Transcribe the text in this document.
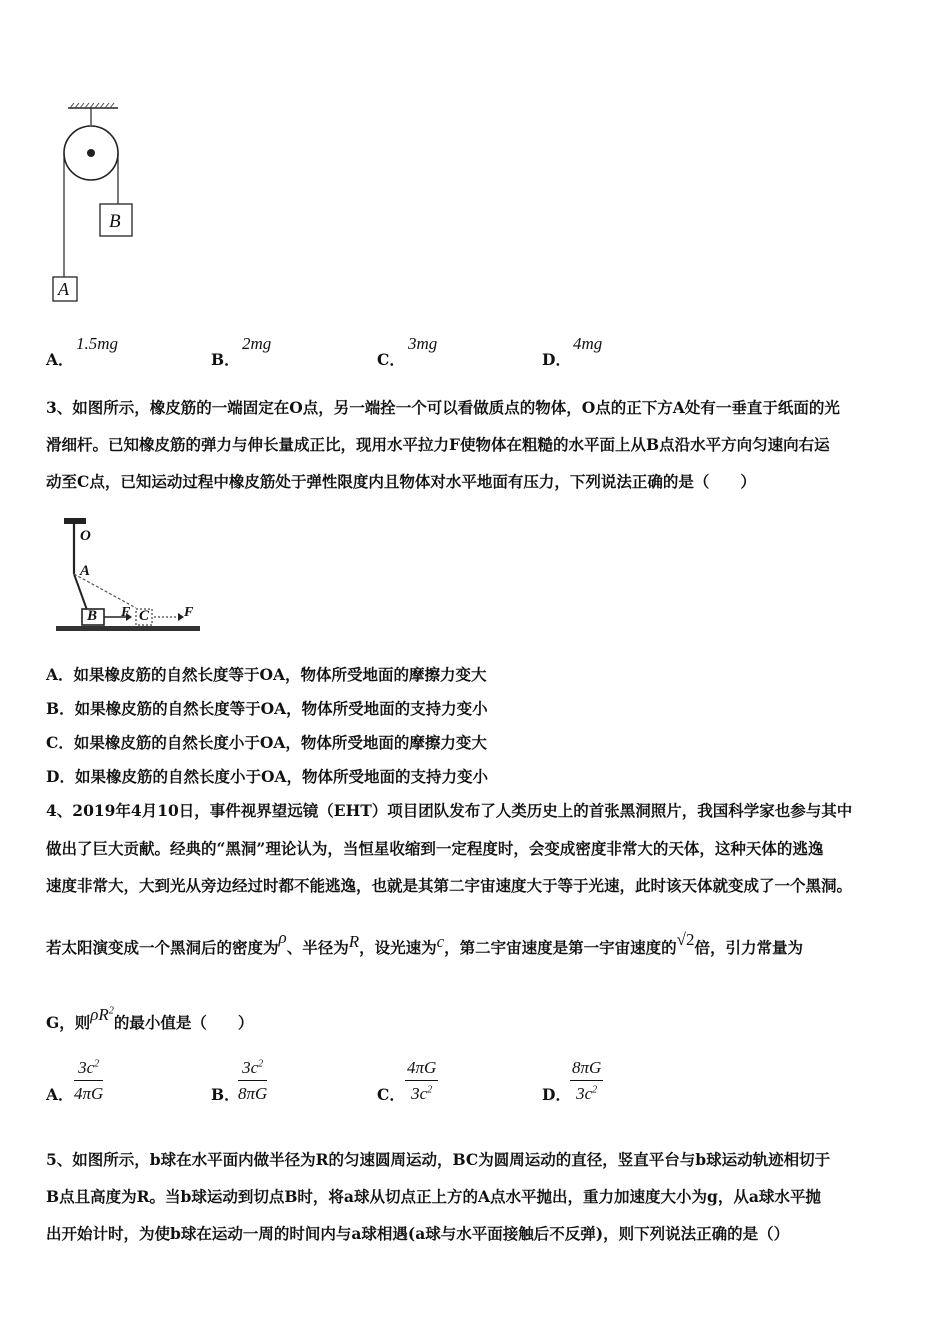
B
A
A．
1.5mg
B．
2mg
C．
3mg
D．
4mg
3、如图所示，橡皮筋的一端固定在O点，另一端拴一个可以看做质点的物体，O点的正下方A处有一垂直于纸面的光
滑细杆。已知橡皮筋的弹力与伸长量成正比，现用水平拉力F使物体在粗糙的水平面上从B点沿水平方向匀速向右运
动至C点，已知运动过程中橡皮筋处于弹性限度内且物体对水平地面有压力，下列说法正确的是（　　）
O
A
B F C F
A．如果橡皮筋的自然长度等于OA，物体所受地面的摩擦力变大
B．如果橡皮筋的自然长度等于OA，物体所受地面的支持力变小
C．如果橡皮筋的自然长度小于OA，物体所受地面的摩擦力变大
D．如果橡皮筋的自然长度小于OA，物体所受地面的支持力变小
4、2019年4月10日，事件视界望远镜（EHT）项目团队发布了人类历史上的首张黑洞照片，我国科学家也参与其中
做出了巨大贡献。经典的“黑洞”理论认为，当恒星收缩到一定程度时，会变成密度非常大的天体，这种天体的逃逸
速度非常大，大到光从旁边经过时都不能逃逸，也就是其第二宇宙速度大于等于光速，此时该天体就变成了一个黑洞。
若太阳演变成一个黑洞后的密度为ρ、半径为R，设光速为c，第二宇宙速度是第一宇宙速度的√2倍，引力常量为
G，则$\rho R^2$的最小值是（　　）
A． $\frac{3c^2}{4\pi G}$	B．
$\frac{3c^2}{8\pi G}$	C． $\frac{4\pi G}{3c^2}$	D． $\frac{8\pi G}{3c^2}$
5、如图所示，b球在水平面内做半径为R的匀速圆周运动，BC为圆周运动的直径，竖直平台与b球运动轨迹相切于
B点且高度为R。当b球运动到切点B时，将a球从切点正上方的A点水平抛出，重力加速度大小为g，从a球水平抛
出开始计时，为使b球在运动一周的时间内与a球相遇(a球与水平面接触后不反弹)，则下列说法正确的是（）
